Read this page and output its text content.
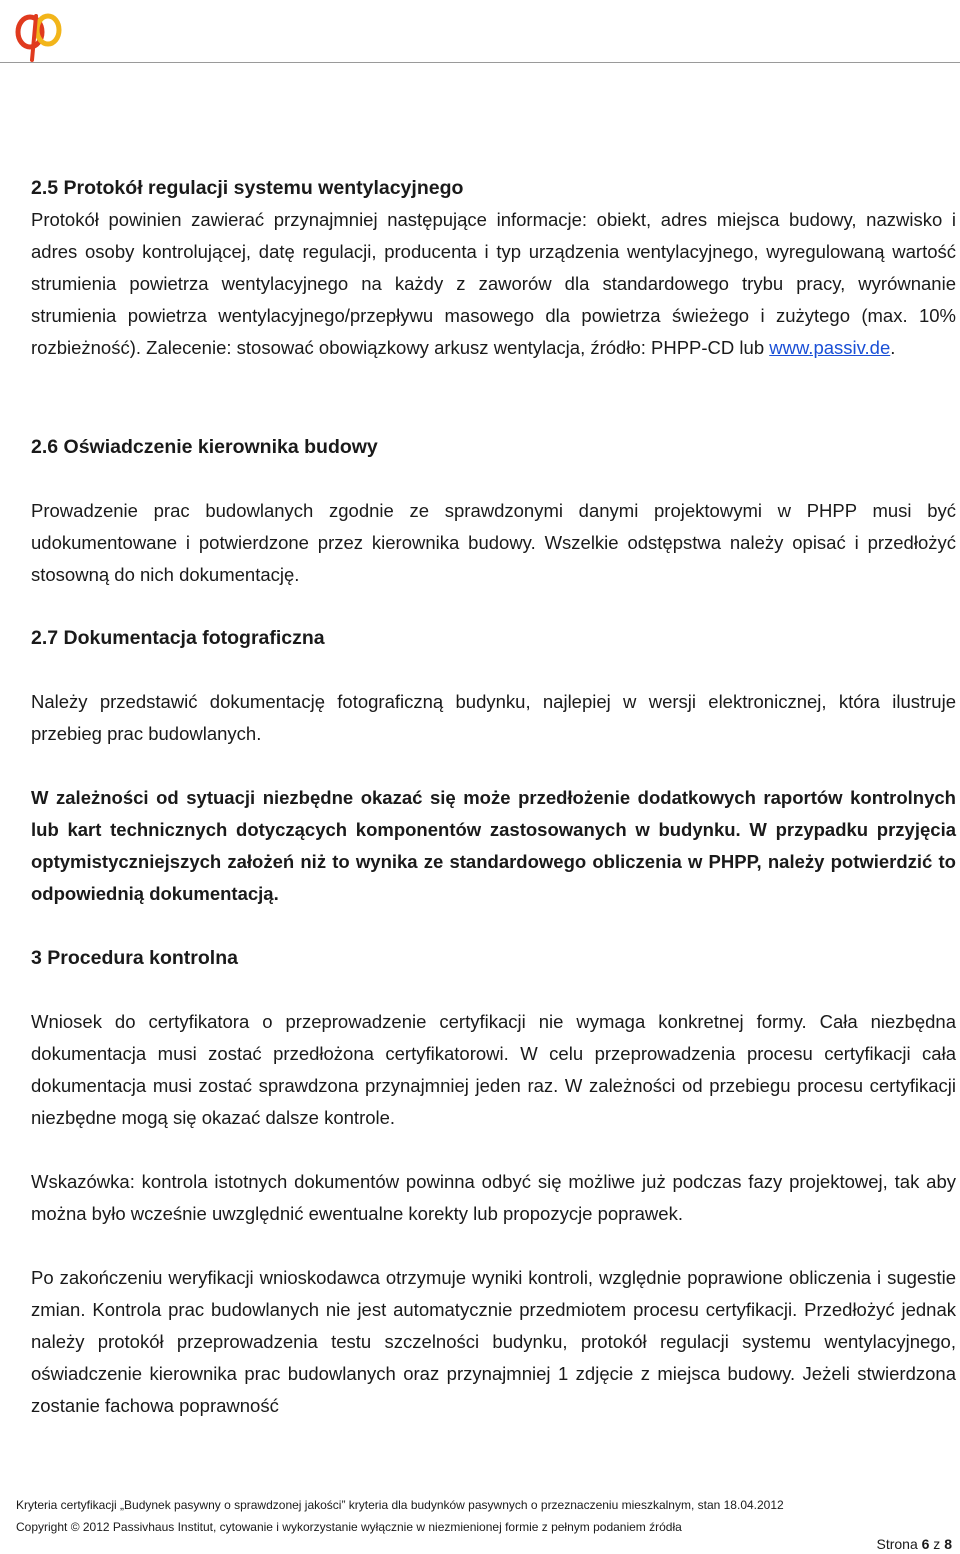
2.5 Protokół regulacji systemu wentylacyjnego

Protokół powinien zawierać przynajmniej następujące informacje: obiekt, adres miejsca budowy, nazwisko i adres osoby kontrolującej, datę regulacji, producenta i typ urządzenia wentylacyjnego, wyregulowaną wartość strumienia powietrza wentylacyjnego na każdy z zaworów dla standardowego trybu pracy, wyrównanie strumienia powietrza wentylacyjnego/przepływu masowego dla powietrza świeżego i zużytego (max. 10% rozbieżność). Zalecenie: stosować obowiązkowy arkusz wentylacja, źródło: PHPP-CD lub www.passiv.de.

2.6 Oświadczenie kierownika budowy

Prowadzenie prac budowlanych zgodnie ze sprawdzonymi danymi projektowymi w PHPP musi być udokumentowane i potwierdzone przez kierownika budowy. Wszelkie odstępstwa należy opisać i przedłożyć stosowną do nich dokumentację.

2.7 Dokumentacja fotograficzna

Należy przedstawić dokumentację fotograficzną budynku, najlepiej w wersji elektronicznej, która ilustruje przebieg prac budowlanych.

W zależności od sytuacji niezbędne okazać się może przedłożenie dodatkowych raportów kontrolnych lub kart technicznych dotyczących komponentów zastosowanych w budynku. W przypadku przyjęcia optymistyczniejszych założeń niż to wynika ze standardowego obliczenia w PHPP, należy potwierdzić to odpowiednią dokumentacją.

3 Procedura kontrolna

Wniosek do certyfikatora o przeprowadzenie certyfikacji nie wymaga konkretnej formy. Cała niezbędna dokumentacja musi zostać przedłożona certyfikatorowi. W celu przeprowadzenia procesu certyfikacji cała dokumentacja musi zostać sprawdzona przynajmniej jeden raz. W zależności od przebiegu procesu certyfikacji niezbędne mogą się okazać dalsze kontrole.

Wskazówka: kontrola istotnych dokumentów powinna odbyć się możliwe już podczas fazy projektowej, tak aby można było wcześnie uwzględnić ewentualne korekty lub propozycje poprawek.

Po zakończeniu weryfikacji wnioskodawca otrzymuje wyniki kontroli, względnie poprawione obliczenia i sugestie zmian. Kontrola prac budowlanych nie jest automatycznie przedmiotem procesu certyfikacji. Przedłożyć jednak należy protokół przeprowadzenia testu szczelności budynku, protokół regulacji systemu wentylacyjnego, oświadczenie kierownika prac budowlanych oraz przynajmniej 1 zdjęcie z miejsca budowy. Jeżeli stwierdzona zostanie fachowa poprawność

Kryteria certyfikacji „Budynek pasywny o sprawdzonej jakości” kryteria dla budynków pasywnych o przeznaczeniu mieszkalnym, stan 18.04.2012
Copyright © 2012 Passivhaus Institut, cytowanie i wykorzystanie wyłącznie w niezmienionej formie z pełnym podaniem źródła
Strona 6 z 8
